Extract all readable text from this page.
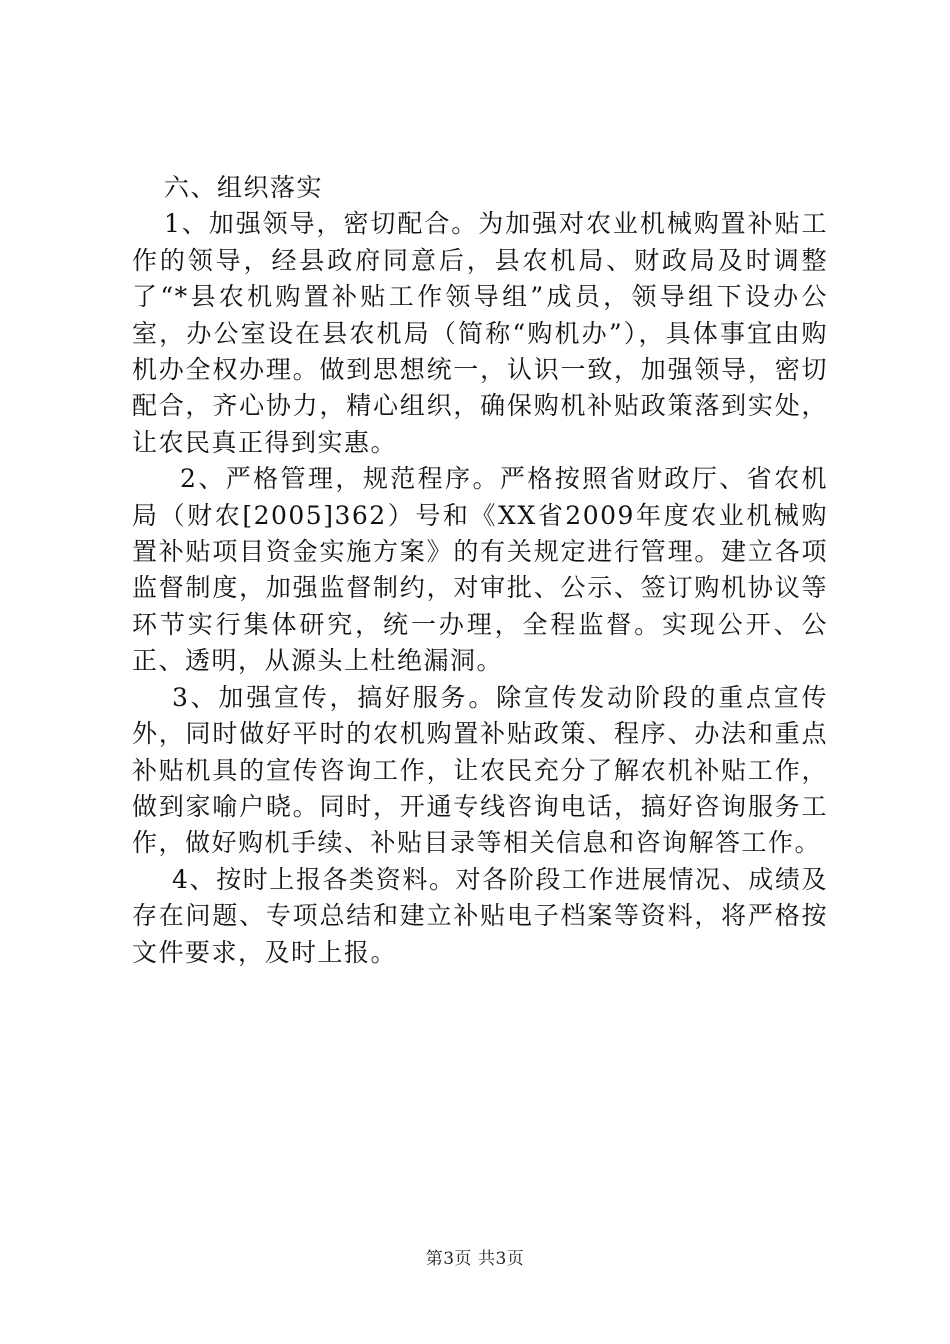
六、组织落实

1、加强领导，密切配合。为加强对农业机械购置补贴工作的领导，经县政府同意后，县农机局、财政局及时调整了“*县农机购置补贴工作领导组”成员，领导组下设办公室，办公室设在县农机局（简称“购机办”），具体事宜由购机办全权办理。做到思想统一，认识一致，加强领导，密切配合，齐心协力，精心组织，确保购机补贴政策落到实处，让农民真正得到实惠。

2、严格管理，规范程序。严格按照省财政厅、省农机局（财农[2005]362）号和《XX省2009年度农业机械购置补贴项目资金实施方案》的有关规定进行管理。建立各项监督制度，加强监督制约，对审批、公示、签订购机协议等环节实行集体研究，统一办理，全程监督。实现公开、公正、透明，从源头上杜绝漏洞。

3、加强宣传，搞好服务。除宣传发动阶段的重点宣传外，同时做好平时的农机购置补贴政策、程序、办法和重点补贴机具的宣传咨询工作，让农民充分了解农机补贴工作，做到家喻户晓。同时，开通专线咨询电话，搞好咨询服务工作，做好购机手续、补贴目录等相关信息和咨询解答工作。

4、按时上报各类资料。对各阶段工作进展情况、成绩及存在问题、专项总结和建立补贴电子档案等资料，将严格按文件要求，及时上报。

第3页 共3页
